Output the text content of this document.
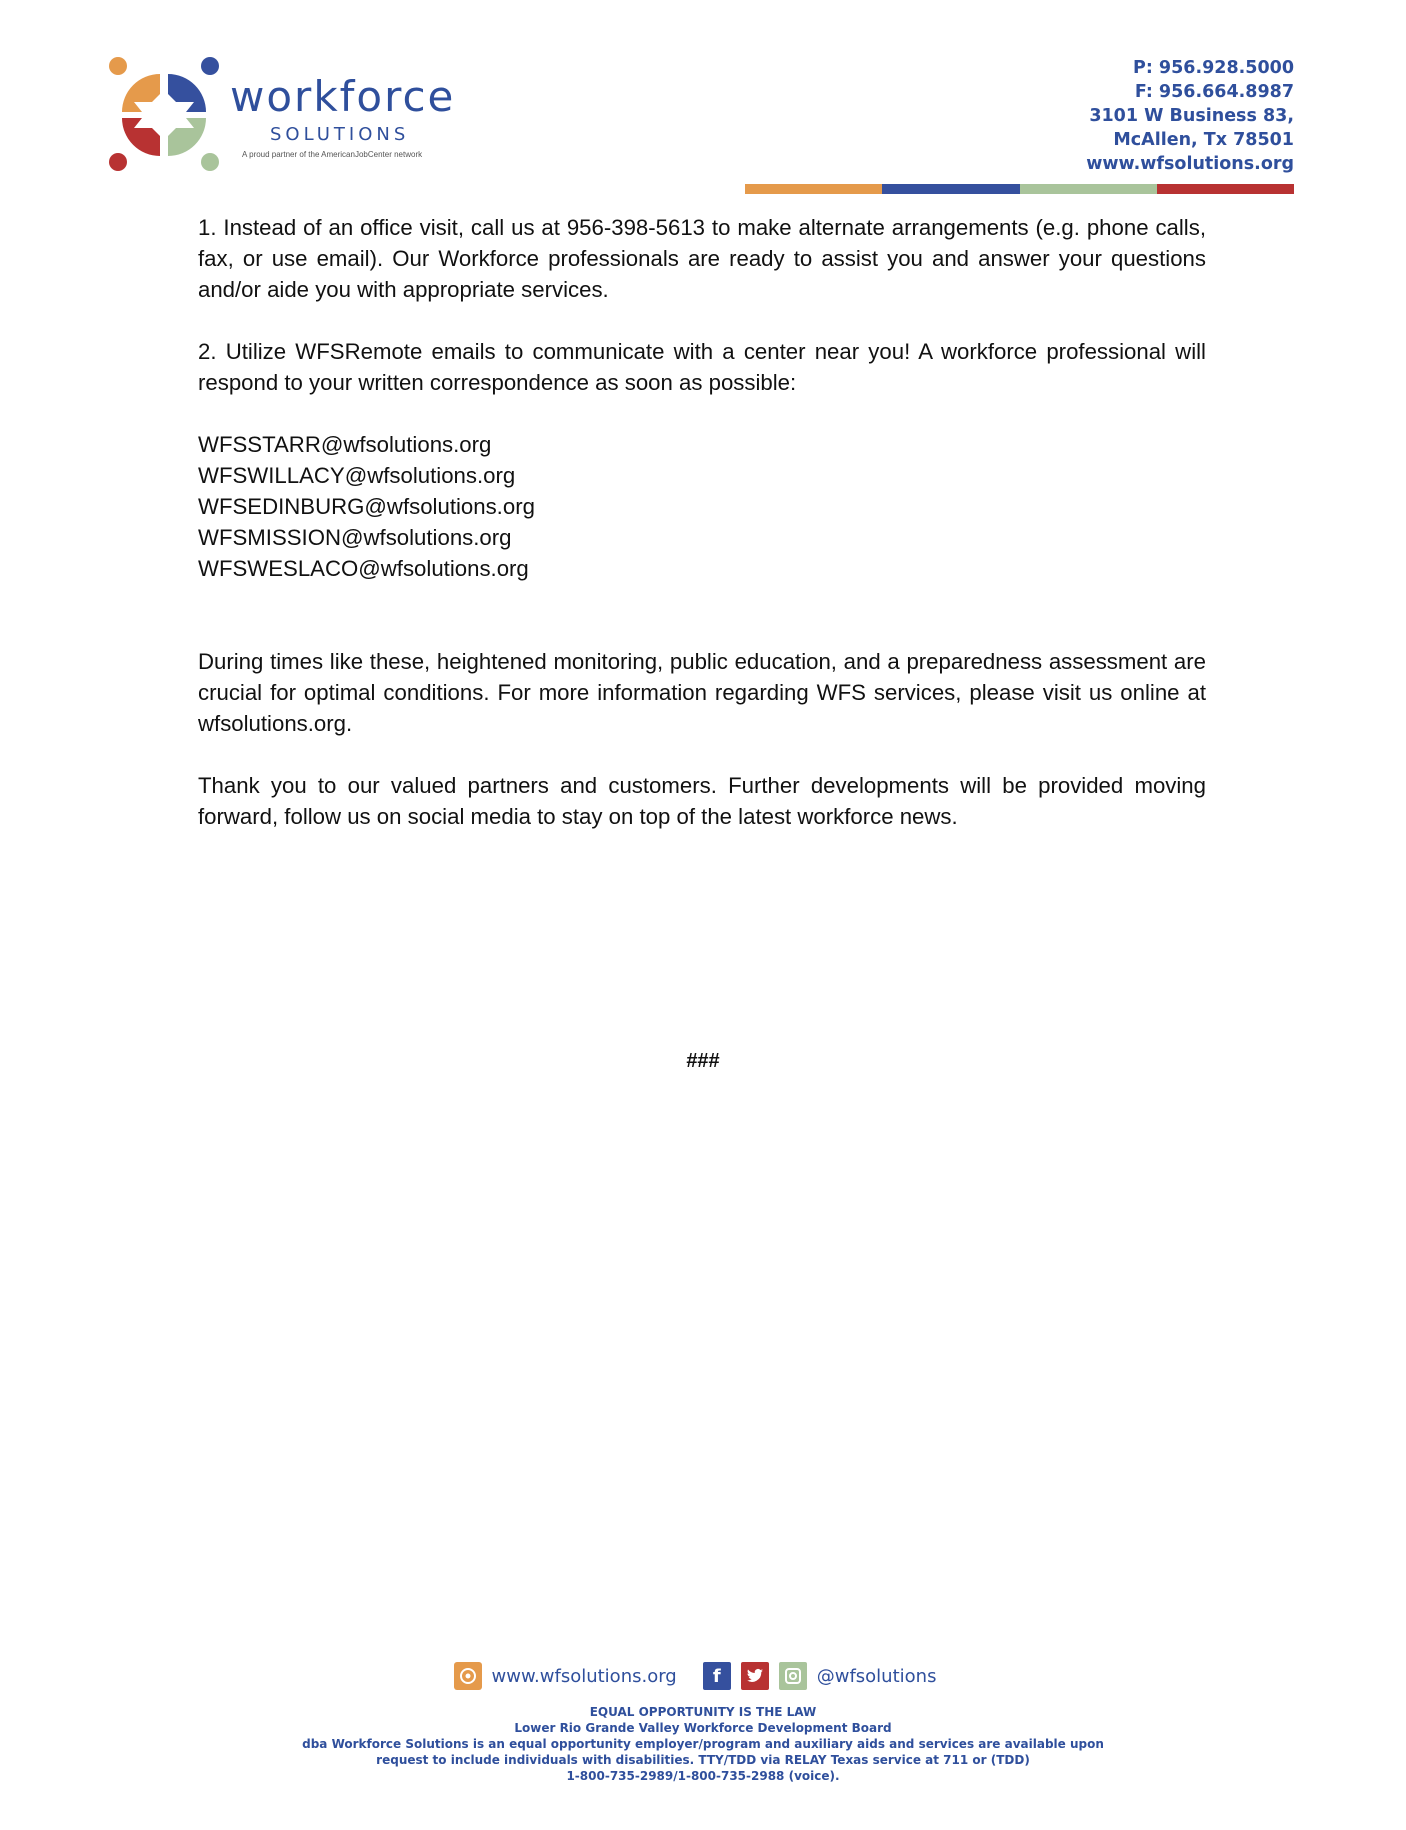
workforce
SOLUTIONS
A proud partner of the AmericanJobCenter network
P: 956.928.5000
F: 956.664.8987
3101 W Business 83,
McAllen, Tx 78501
www.wfsolutions.org

1. Instead of an office visit, call us at 956-398-5613 to make alternate arrangements (e.g. phone calls, fax, or use email). Our Workforce professionals are ready to assist you and answer your questions and/or aide you with appropriate services.

2. Utilize WFSRemote emails to communicate with a center near you! A workforce professional will respond to your written correspondence as soon as possible:

WFSSTARR@wfsolutions.org
WFSWILLACY@wfsolutions.org
WFSEDINBURG@wfsolutions.org
WFSMISSION@wfsolutions.org
WFSWESLACO@wfsolutions.org

During times like these, heightened monitoring, public education, and a preparedness assessment are crucial for optimal conditions. For more information regarding WFS services, please visit us online at wfsolutions.org.

Thank you to our valued partners and customers. Further developments will be provided moving forward, follow us on social media to stay on top of the latest workforce news.

###
www.wfsolutions.org	f	@wfsolutions
EQUAL OPPORTUNITY IS THE LAW
Lower Rio Grande Valley Workforce Development Board
dba Workforce Solutions is an equal opportunity employer/program and auxiliary aids and services are available upon
request to include individuals with disabilities. TTY/TDD via RELAY Texas service at 711 or (TDD)
1-800-735-2989/1-800-735-2988 (voice).
